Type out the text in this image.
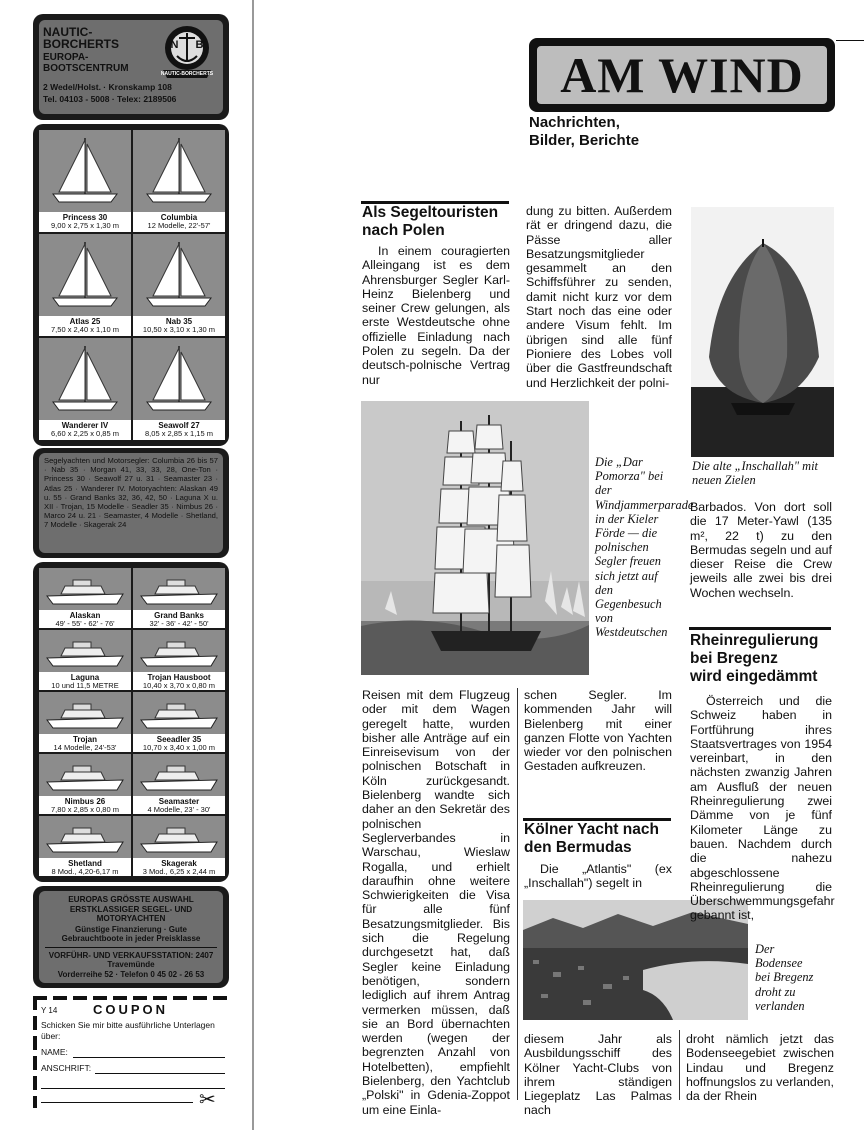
NAUTIC-BORCHERTS
EUROPA-BOOTSCENTRUM
2 Wedel/Holst. · Kronskamp 108
Tel. 04103 - 5008 · Telex: 2189506
N B
NAUTIC-BORCHERTS
Princess 30
9,00 x 2,75 x 1,30 m
Columbia
12 Modelle, 22'-57'
Atlas 25
7,50 x 2,40 x 1,10 m
Nab 35
10,50 x 3,10 x 1,30 m
Wanderer IV
6,60 x 2,25 x 0,85 m
Seawolf 27
8,05 x 2,85 x 1,15 m
Segelyachten und Motorsegler: Columbia 26 bis 57 · Nab 35 · Morgan 41, 33, 33, 28, One-Ton · Princess 30 · Seawolf 27 u. 31 · Seamaster 23 · Atlas 25 · Wanderer IV. Motoryachten: Alaskan 49 u. 55 · Grand Banks 32, 36, 42, 50 · Laguna X u. XII · Trojan, 15 Modelle · Seadler 35 · Nimbus 26 · Marco 24 u. 21 · Seamaster, 4 Modelle · Shetland, 7 Modelle · Skagerak 24
Alaskan
49' - 55' - 62' - 76'
Grand Banks
32' - 36' - 42' - 50'
Laguna
10 und 11,5 METRE
Trojan Hausboot
10,40 x 3,70 x 0,80 m
Trojan
14 Modelle, 24'-53'
Seeadler 35
10,70 x 3,40 x 1,00 m
Nimbus 26
7,80 x 2,85 x 0,80 m
Seamaster
4 Modelle, 23' - 30'
Shetland
8 Mod., 4,20-6,17 m
Skagerak
3 Mod., 6,25 x 2,44 m
EUROPAS GRÖSSTE AUSWAHL ERSTKLASSIGER SEGEL- UND MOTORYACHTEN
Günstige Finanzierung · Gute Gebrauchtboote in jeder Preisklasse
VORFÜHR- UND VERKAUFSSTATION: 2407 Travemünde
Vorderreihe 52 · Telefon 0 45 02 - 26 53
Y 14	COUPON
Schicken Sie mir bitte ausführliche Unterlagen über:
NAME:
ANSCHRIFT:
✂
AM WIND
Nachrichten,
Bilder, Berichte
Als Segeltouristen
nach Polen
In einem couragierten Alleingang ist es dem Ahrensburger Segler Karl-Heinz Bielenberg und seiner Crew gelungen, als erste Westdeutsche ohne offizielle Einladung nach Polen zu segeln. Da der deutsch-polnische Vertrag nur
dung zu bitten. Außerdem rät er dringend dazu, die Pässe aller Besatzungsmitglieder gesammelt an den Schiffsführer zu senden, damit nicht kurz vor dem Start noch das eine oder andere Visum fehlt. Im übrigen sind alle fünf Pioniere des Lobes voll über die Gastfreundschaft und Herzlichkeit der polni-
Die „Dar Pomorza" bei der Windjammerparade in der Kieler Förde — die polnischen Segler freuen sich jetzt auf den Gegenbesuch von Westdeutschen
Reisen mit dem Flugzeug oder mit dem Wagen geregelt hatte, wurden bisher alle Anträge auf ein Einreisevisum von der polnischen Botschaft in Köln zurückgesandt. Bielenberg wandte sich daher an den Sekretär des polnischen Seglerverbandes in Warschau, Wieslaw Rogalla, und erhielt daraufhin ohne weitere Schwierigkeiten die Visa für alle fünf Besatzungsmitglieder. Bis sich die Regelung durchgesetzt hat, daß Segler keine Einladung benötigen, sondern lediglich auf ihrem Antrag vermerken müssen, daß sie an Bord übernachten werden (wegen der begrenzten Anzahl von Hotelbetten), empfiehlt Bielenberg, den Yachtclub „Polski" in Gdenia-Zoppot um eine Einla-
schen Segler. Im kommenden Jahr will Bielenberg mit einer ganzen Flotte von Yachten wieder vor den polnischen Gestaden aufkreuzen.
Kölner Yacht nach
den Bermudas
Die „Atlantis" (ex „Inschallah") segelt in
Der Bodensee bei Bregenz droht zu verlanden
diesem Jahr als Ausbildungsschiff des Kölner Yacht-Clubs von ihrem ständigen Liegeplatz Las Palmas nach
Die alte „Inschallah" mit neuen Zielen
Barbados. Von dort soll die 17 Meter-Yawl (135 m², 22 t) zu den Bermudas segeln und auf dieser Reise die Crew jeweils alle zwei bis drei Wochen wechseln.
Rheinregulierung
bei Bregenz
wird eingedämmt
Österreich und die Schweiz haben in Fortführung ihres Staatsvertrages von 1954 vereinbart, in den nächsten zwanzig Jahren am Ausfluß der neuen Rheinregulierung zwei Dämme von je fünf Kilometer Länge zu bauen. Nachdem durch die nahezu abgeschlossene Rheinregulierung die Überschwemmungsgefahr gebannt ist,
droht nämlich jetzt das Bodenseegebiet zwischen Lindau und Bregenz hoffnungslos zu verlanden, da der Rhein
